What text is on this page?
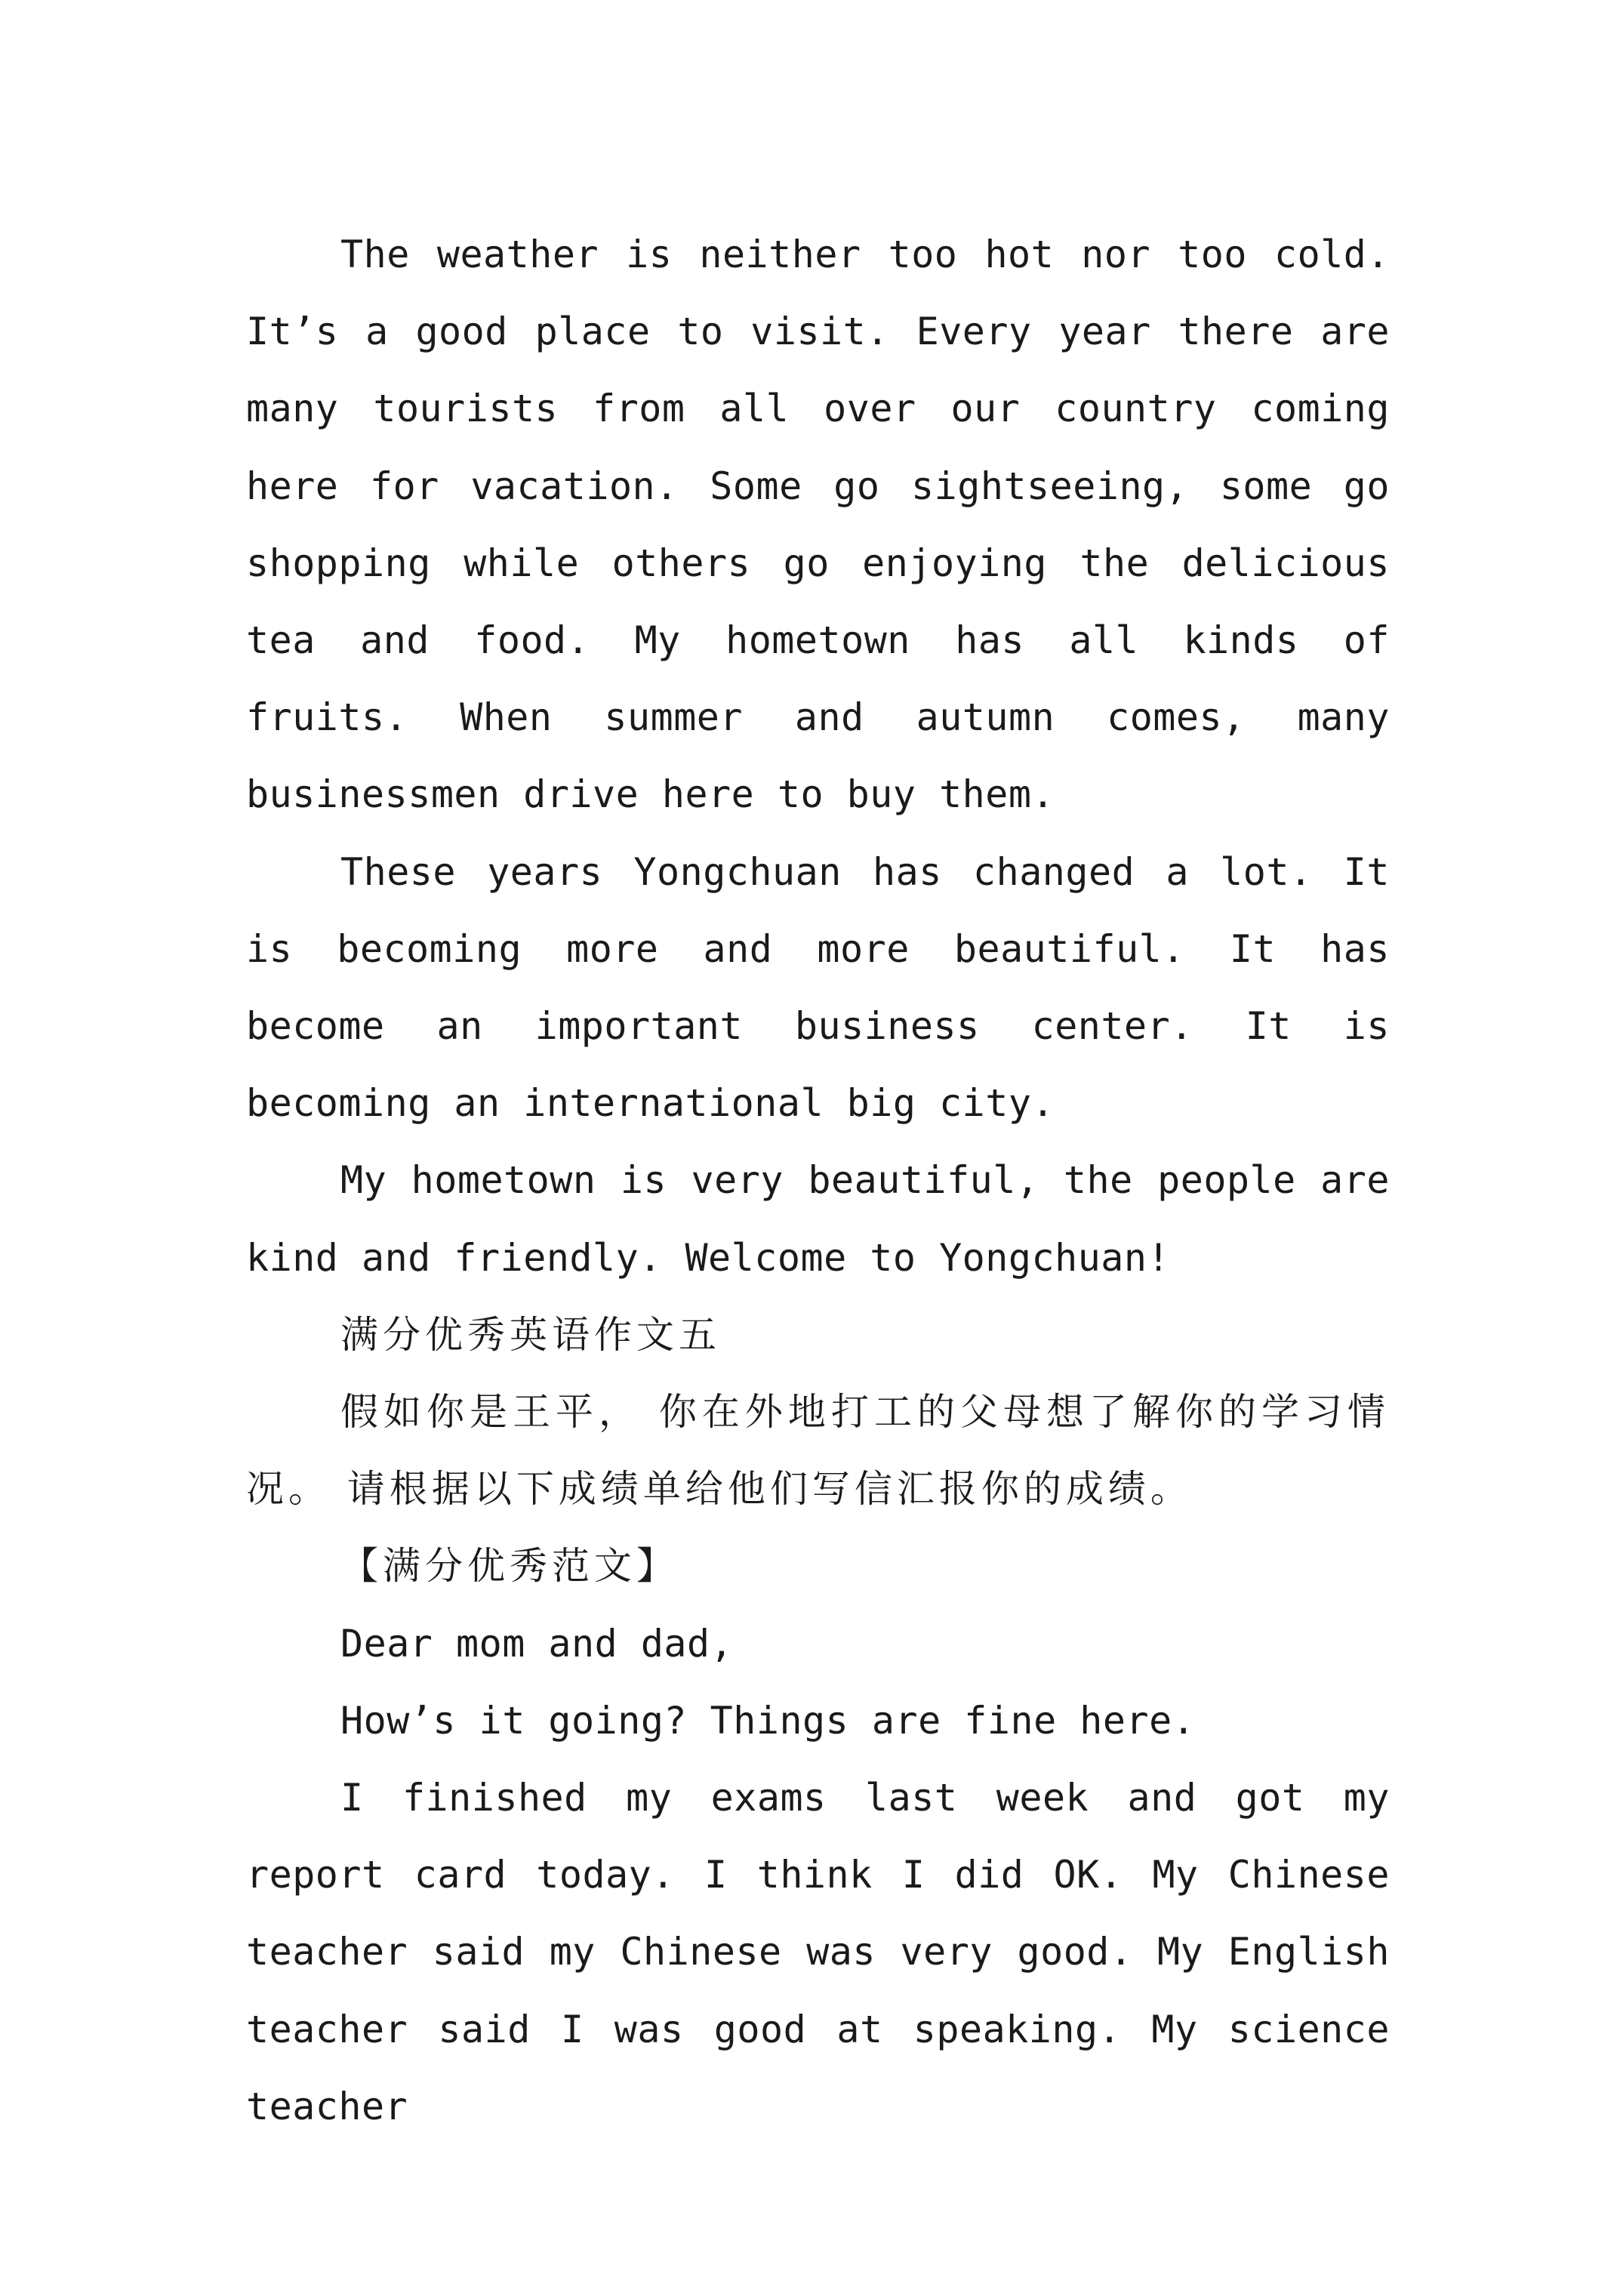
The weather is neither too hot nor too cold. It’s a good place to visit. Every year there are many tourists from all over our country coming here for vacation. Some go sightseeing, some go shopping while others go enjoying the delicious tea and food. My hometown has all kinds of fruits. When summer and autumn comes, many businessmen drive here to buy them.

These years Yongchuan has changed a lot. It is becoming more and more beautiful. It has become an important business center. It is becoming an international big city.

My hometown is very beautiful, the people are kind and friendly. Welcome to Yongchuan!

满分优秀英语作文五

假如你是王平， 你在外地打工的父母想了解你的学习情况。 请根据以下成绩单给他们写信汇报你的成绩。

【满分优秀范文】

Dear mom and dad,

How’s it going? Things are fine here.

I finished my exams last week and got my report card today. I think I did OK. My Chinese teacher said my Chinese was very good. My English teacher said I was good at speaking. My science teacher
